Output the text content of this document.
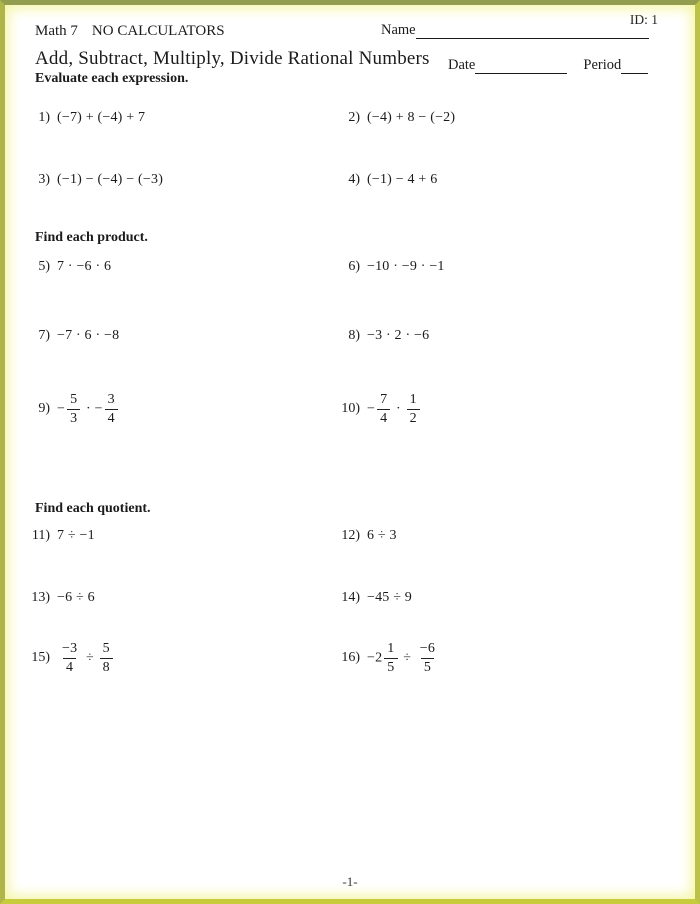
ID: 1
Math 7 NO CALCULATORS	Name
Add, Subtract, Multiply, Divide Rational Numbers Date	Period
Evaluate each expression.
Find each product.
Find each quotient.
1) (−7) + (−4) + 7	2) (−4) + 8 − (−2)
3) (−1) − (−4) − (−3)	4) (−1) − 4 + 6
5) 7 · −6 · 6	6) −10 · −9 · −1
7) −7 · 6 · −8	8) −3 · 2 · −6
$9) - \frac{5}{3}$ · − $\frac{3}{4}$	$10) - \frac{7}{4} \cdot \frac{1}{2}$
11) 7 ÷ −1	12) 6 ÷ 3
13) −6 ÷ 6	14) −45 ÷ 9
$15) \frac{-3}{4} \div \frac{5}{8}$	$16) -2 \frac{1}{5} \div \frac{-6}{5}$
-1-
